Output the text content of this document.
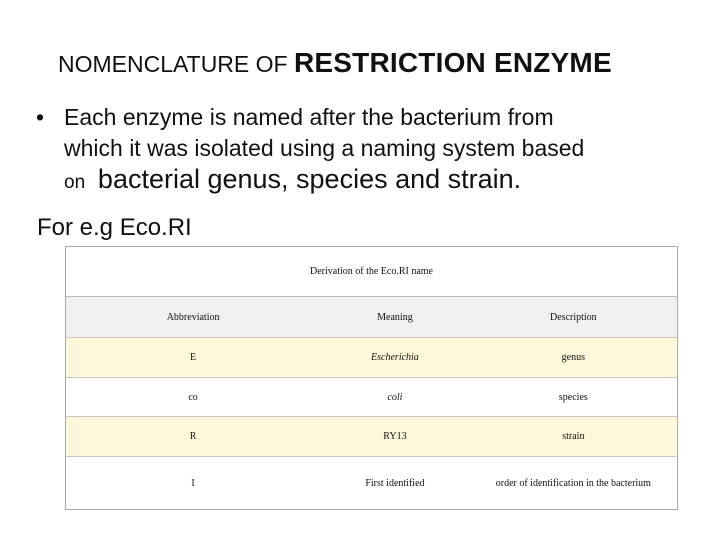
NOMENCLATURE OF RESTRICTION ENZYME
• Each enzyme is named after the bacterium from
which it was isolated using a naming system based
on bacterial genus, species and strain.
For e.g Eco.RI
Derivation of the Eco.RI name
Abbreviation	Meaning	Description
E	Escherichia	genus
co	coli	species
R	RY13	strain
I	First identified	order of identification in the bacterium
